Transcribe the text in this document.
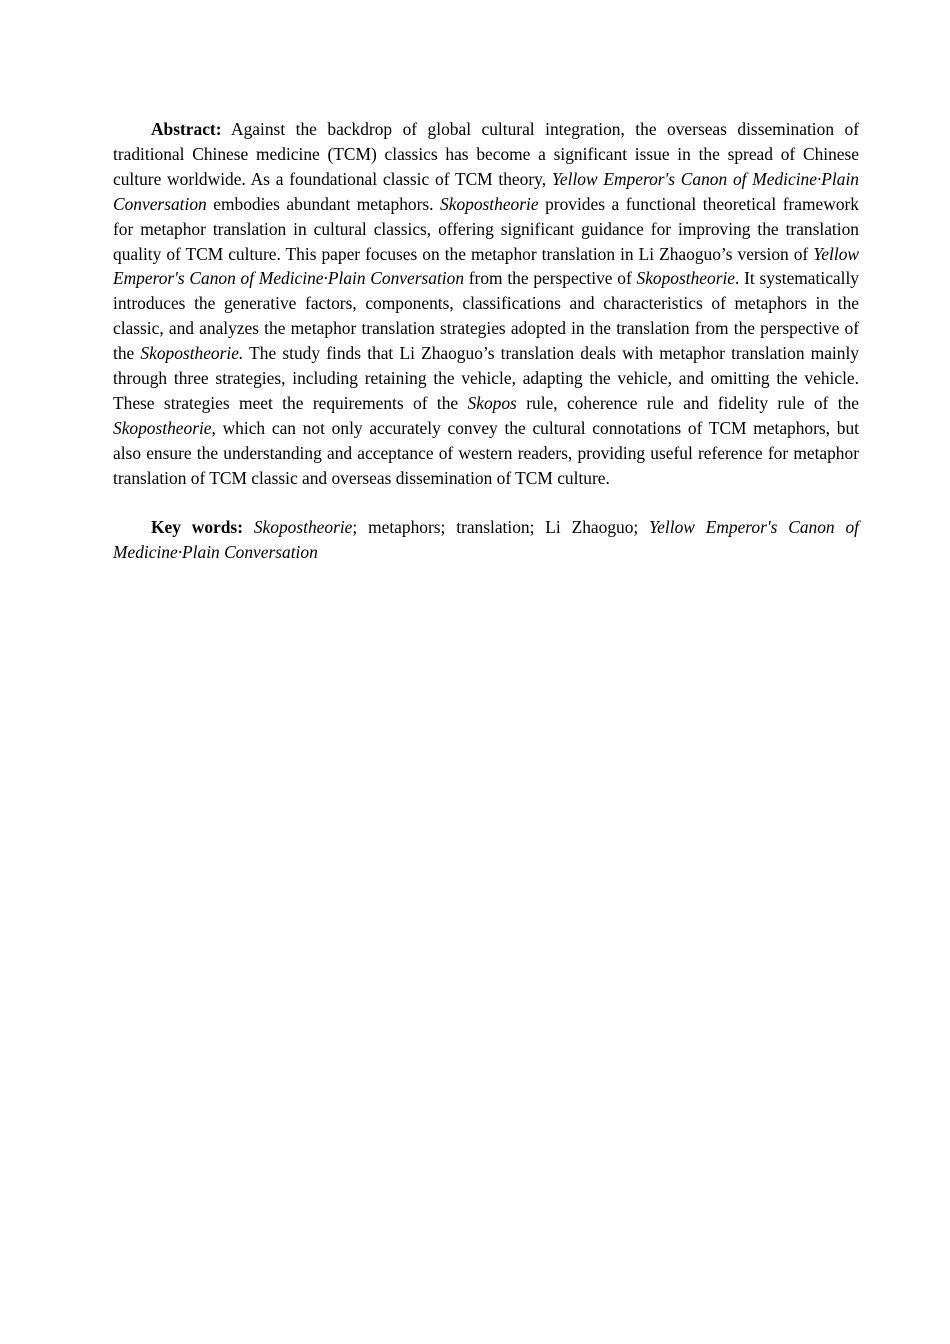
Abstract: Against the backdrop of global cultural integration, the overseas dissemination of traditional Chinese medicine (TCM) classics has become a significant issue in the spread of Chinese culture worldwide. As a foundational classic of TCM theory, Yellow Emperor's Canon of Medicine·Plain Conversation embodies abundant metaphors. Skopostheorie provides a functional theoretical framework for metaphor translation in cultural classics, offering significant guidance for improving the translation quality of TCM culture. This paper focuses on the metaphor translation in Li Zhaoguo’s version of Yellow Emperor's Canon of Medicine·Plain Conversation from the perspective of Skopostheorie. It systematically introduces the generative factors, components, classifications and characteristics of metaphors in the classic, and analyzes the metaphor translation strategies adopted in the translation from the perspective of the Skopostheorie. The study finds that Li Zhaoguo’s translation deals with metaphor translation mainly through three strategies, including retaining the vehicle, adapting the vehicle, and omitting the vehicle. These strategies meet the requirements of the Skopos rule, coherence rule and fidelity rule of the Skopostheorie, which can not only accurately convey the cultural connotations of TCM metaphors, but also ensure the understanding and acceptance of western readers, providing useful reference for metaphor translation of TCM classic and overseas dissemination of TCM culture.

Key words: Skopostheorie; metaphors; translation; Li Zhaoguo; Yellow Emperor's Canon of Medicine·Plain Conversation
